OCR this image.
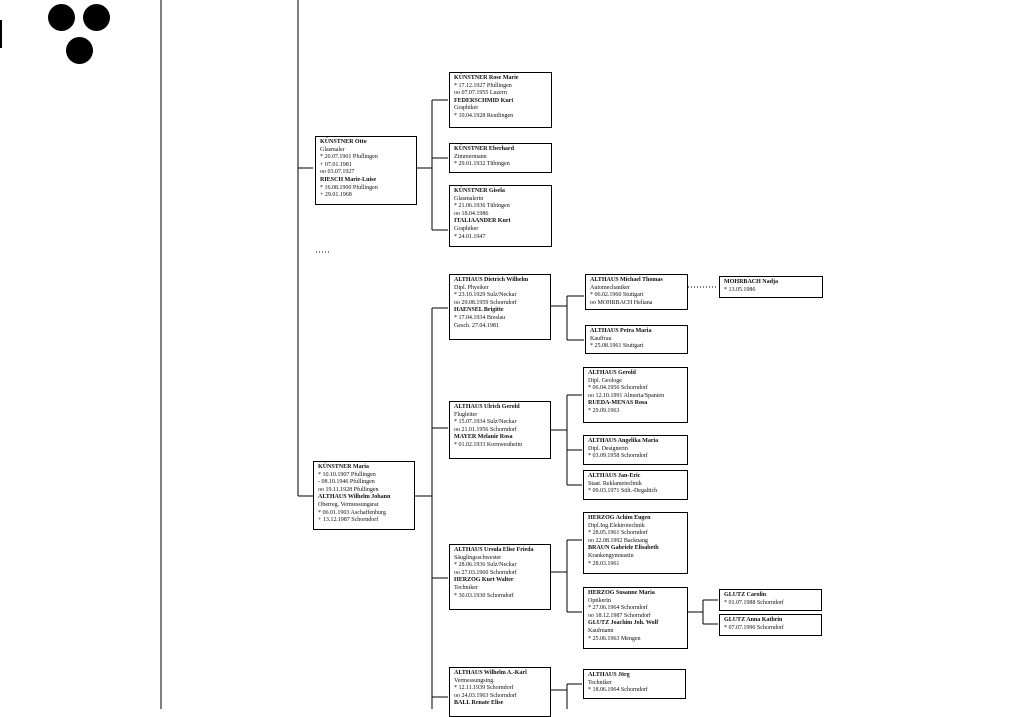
KÜNSTNER Otto
Glasmaler
* 20.07.1901 Pfullingen
+ 07.01.1981
oo 03.07.1927
RIESCH Marie-Luise
* 16.08.1900 Pfullingen
+ 29.01.1968
KÜNSTNER Rose Marie
* 17.12.1927 Pfullingen
oo 07.07.1955 Luzern
FEDERSCHMID Kurt
Graphiker
* 10.04.1928 Reutlingen
KÜNSTNER Eberhard
Zimmermann
* 29.01.1932 Tübingen
KÜNSTNER Gisela
Glasmalerin
* 21.06.1936 Tübingen
oo 18.04.1986
ITALIAANDER Kurt
Graphiker
* 24.01.1947
KÜNSTNER Maria
* 10.10.1907 Pfullingen
- 08.10.1946 Pfullingen
oo 19.11.1928 Pfullingen
ALTHAUS Wilhelm Johann
Oberreg. Vermessungsrat
* 06.01.1903 Aschaffenburg
+ 13.12.1987 Schorndorf
ALTHAUS Dietrich Wilhelm
Dipl. Physiker
* 23.10.1929 Sulz/Neckar
oo 29.08.1959 Schorndorf
HAENSEL Brigitte
* 17.04.1934 Breslau
Gesch. 27.04.1981
ALTHAUS Michael Thomas
Automechaniker
* 06.02.1960 Stuttgart
oo MOHRBACH Heliana
ALTHAUS Petra Maria
Kauffrau
* 25.08.1961 Stuttgart
MOHRBACH Nadja
* 13.05.1986
ALTHAUS Ulrich Gerold
Flugleiter
* 15.07.1934 Sulz/Neckar
oo 21.01.1956 Schorndorf
MAYER Melanie Rosa
* 01.02.1933 Kornwestheim
ALTHAUS Gerold
Dipl. Geologe
* 06.04.1956 Schorndorf
oo 12.10.1991 Almeria/Spanien
RUEDA-MENAS Rosa
* 29.09.1963
ALTHAUS Angelika Maria
Dipl. Designerin
* 03.09.1958 Schorndorf
ALTHAUS Jan-Eric
Staat. Reklametechnik
* 09.03.1971 Sült.-Degaltich
ALTHAUS Ursula Elise Frieda
Säuglingsschwester
* 28.06.1936 Sulz/Neckar
oo 27.03.1960 Schorndorf
HERZOG Kurt Walter
Techniker
* 30.03.1930 Schorndorf
HERZOG Achim Eugen
Dipl.Ing.Elektrotechnik
* 28.05.1961 Schorndorf
oo 22.08.1992 Backnang
BRAUN Gabriele Elisabeth
Krankengymnastin
* 28.03.1961
HERZOG Susanne Maria
Optikerin
* 27.06.1964 Schorndorf
oo 18.12.1987 Schorndorf
GLUTZ Joachim Joh. Wolf
Kaufmann
* 25.06.1963 Mengen
GLUTZ Carolin
* 01.07.1988 Schorndorf
GLUTZ Anna Kathrin
* 07.07.1990 Schorndorf
ALTHAUS Wilhelm A.-Karl
Vermessungsing.
* 12.11.1939 Schorndorf
oo 24.03.1963 Schorndorf
BALL Renate Elise
ALTHAUS Jörg
Techniker
* 18.06.1964 Schorndorf
